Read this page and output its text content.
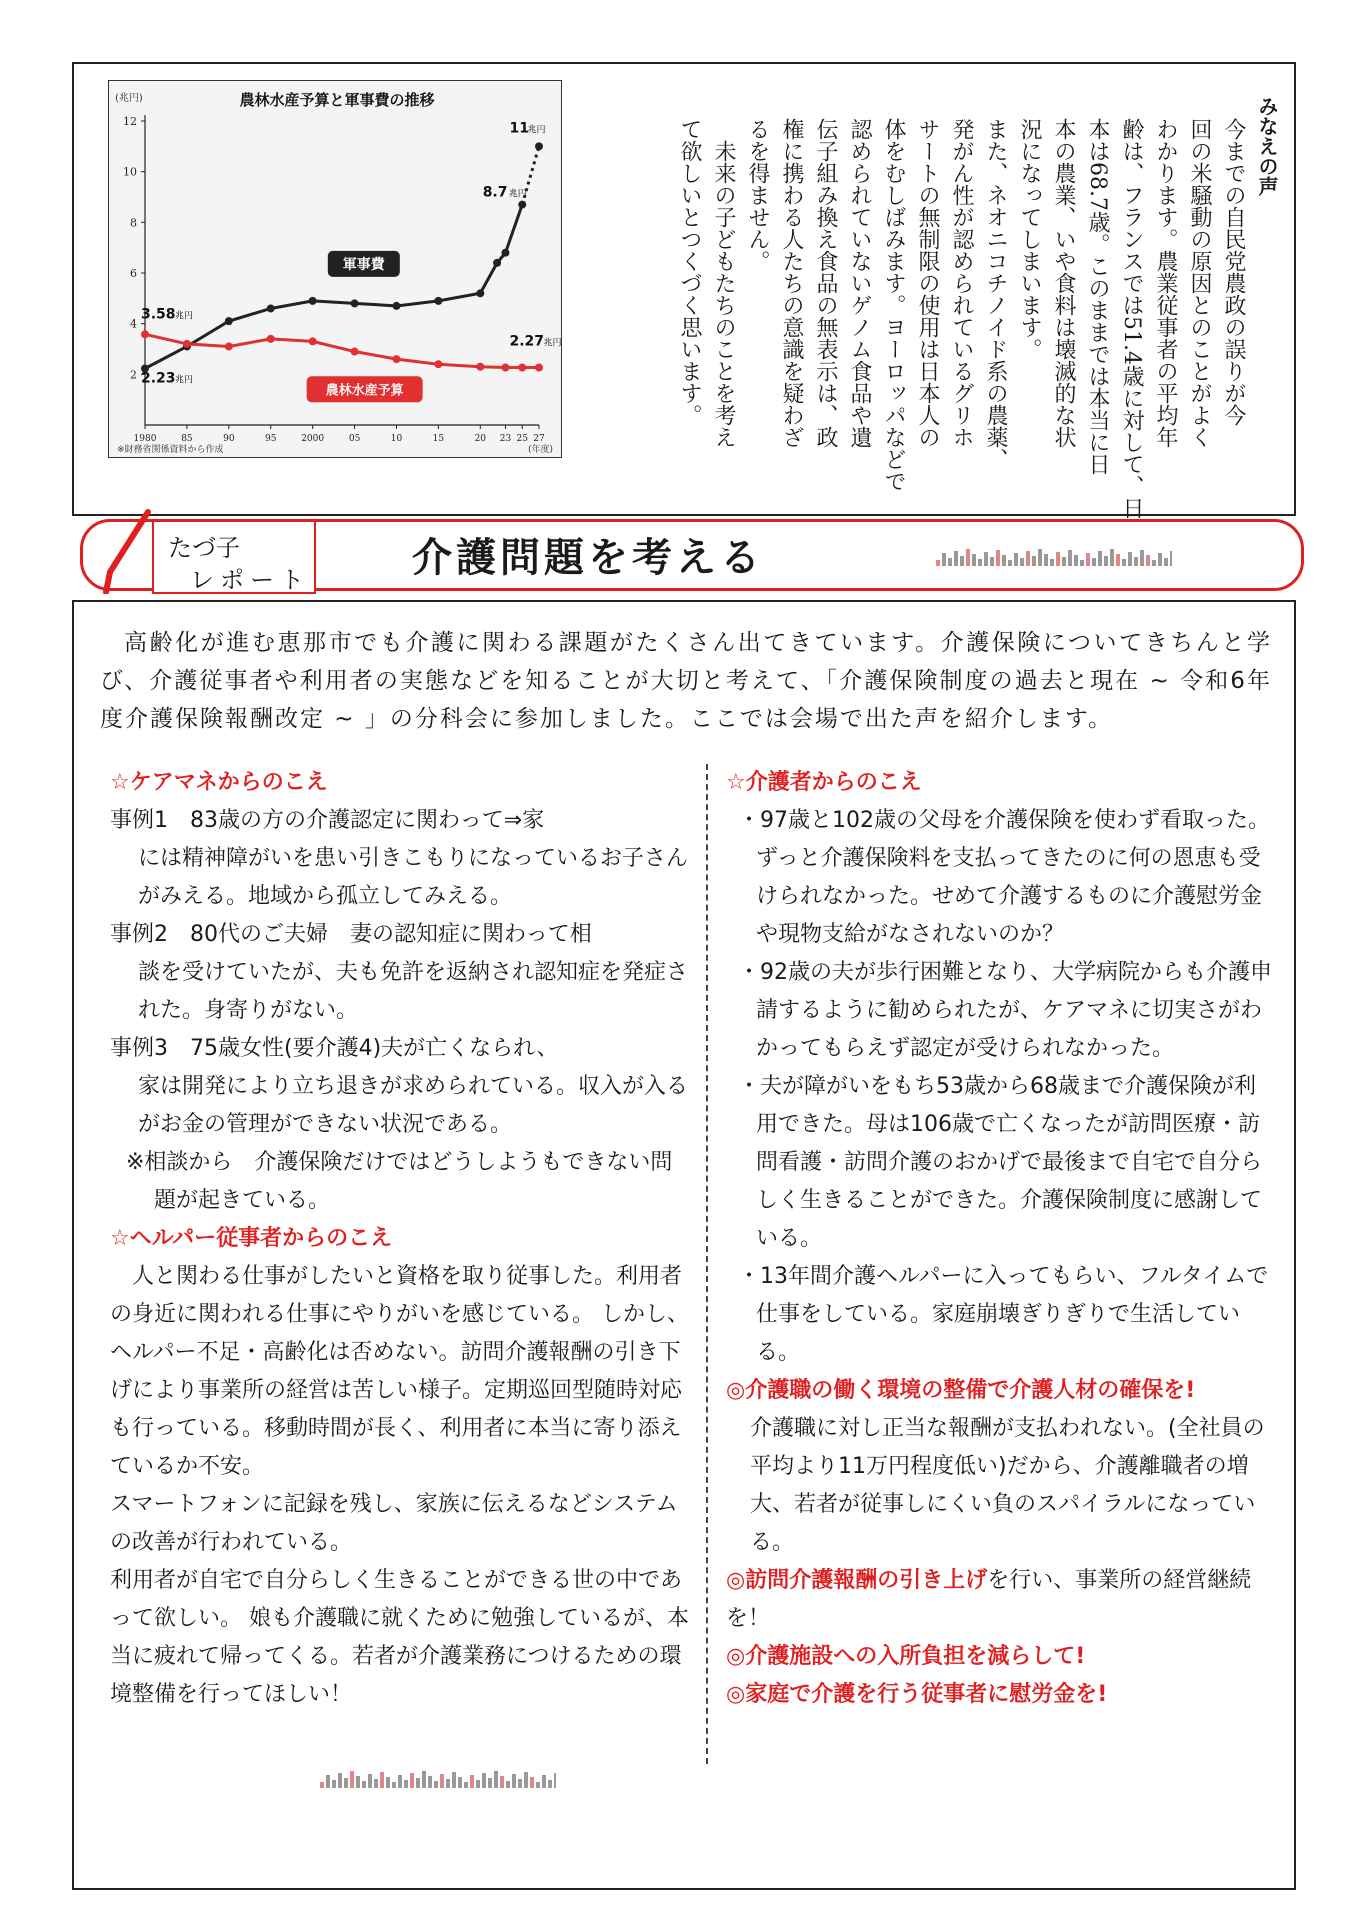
農林水産予算と軍事費の推移
(兆円)
2
4
6
8
10
12
1980	85	90	95	2000	05	10	15	20 23 25 27
軍事費
農林水産予算
3.58 兆円
2.23 兆円
8.7 兆円
11
兆円
2.27 兆円
※財務省関係資料から作成	(年度)
みなえの声
今までの自民党農政の誤りが今
回の米騒動の原因とのことがよく
わかります。農業従事者の平均年
齢は、フランスでは51.4歳に対して、日
本は68.7歳。このままでは本当に日
本の農業、いや食料は壊滅的な状
況になってしまいます。
また、ネオニコチノイド系の農薬、
発がん性が認められているグリホ
サートの無制限の使用は日本人の
体をむしばみます。ヨーロッパなどで
認められていないゲノム食品や遺
伝子組み換え食品の無表示は、政
権に携わる人たちの意識を疑わざ
るを得ません。
未来の子どもたちのことを考え
て欲しいとつくづく思います。
たづ子
レポート	介護問題を考える
高齢化が進む恵那市でも介護に関わる課題がたくさん出てきています。介護保険についてきちんと学び、介護従事者や利用者の実態などを知ることが大切と考えて、「介護保険制度の過去と現在 ~ 令和6年度介護保険報酬改定 ~ 」の分科会に参加しました。ここでは会場で出た声を紹介します。

☆ケアマネからのこえ

事例1　83歳の方の介護認定に関わって⇒家

には精神障がいを患い引きこもりになっているお子さんがみえる。地域から孤立してみえる。

事例2　80代のご夫婦　妻の認知症に関わって相

談を受けていたが、夫も免許を返納され認知症を発症された。身寄りがない。

事例3　75歳女性(要介護4)夫が亡くなられ、

家は開発により立ち退きが求められている。収入が入るがお金の管理ができない状況である。

※相談から　介護保険だけではどうしようもできない問題が起きている。

☆ヘルパー従事者からのこえ

人と関わる仕事がしたいと資格を取り従事した。利用者の身近に関われる仕事にやりがいを感じている。 しかし、ヘルパー不足・高齢化は否めない。訪問介護報酬の引き下げにより事業所の経営は苦しい様子。定期巡回型随時対応も行っている。移動時間が長く、利用者に本当に寄り添えているか不安。

スマートフォンに記録を残し、家族に伝えるなどシステムの改善が行われている。

利用者が自宅で自分らしく生きることができる世の中であって欲しい。 娘も介護職に就くために勉強しているが、本当に疲れて帰ってくる。若者が介護業務につけるための環境整備を行ってほしい！

☆介護者からのこえ

・97歳と102歳の父母を介護保険を使わず看取った。ずっと介護保険料を支払ってきたのに何の恩恵も受けられなかった。せめて介護するものに介護慰労金や現物支給がなされないのか？

・92歳の夫が歩行困難となり、大学病院からも介護申請するように勧められたが、ケアマネに切実さがわかってもらえず認定が受けられなかった。

・夫が障がいをもち53歳から68歳まで介護保険が利用できた。母は106歳で亡くなったが訪問医療・訪問看護・訪問介護のおかげで最後まで自宅で自分らしく生きることができた。介護保険制度に感謝している。

・13年間介護ヘルパーに入ってもらい、フルタイムで仕事をしている。家庭崩壊ぎりぎりで生活している。

◎介護職の働く環境の整備で介護人材の確保を!

介護職に対し正当な報酬が支払われない。(全社員の平均より11万円程度低い)だから、介護離職者の増大、若者が従事しにくい負のスパイラルになっている。

◎訪問介護報酬の引き上げを行い、事業所の経営継続を！

◎介護施設への入所負担を減らして!

◎家庭で介護を行う従事者に慰労金を!
